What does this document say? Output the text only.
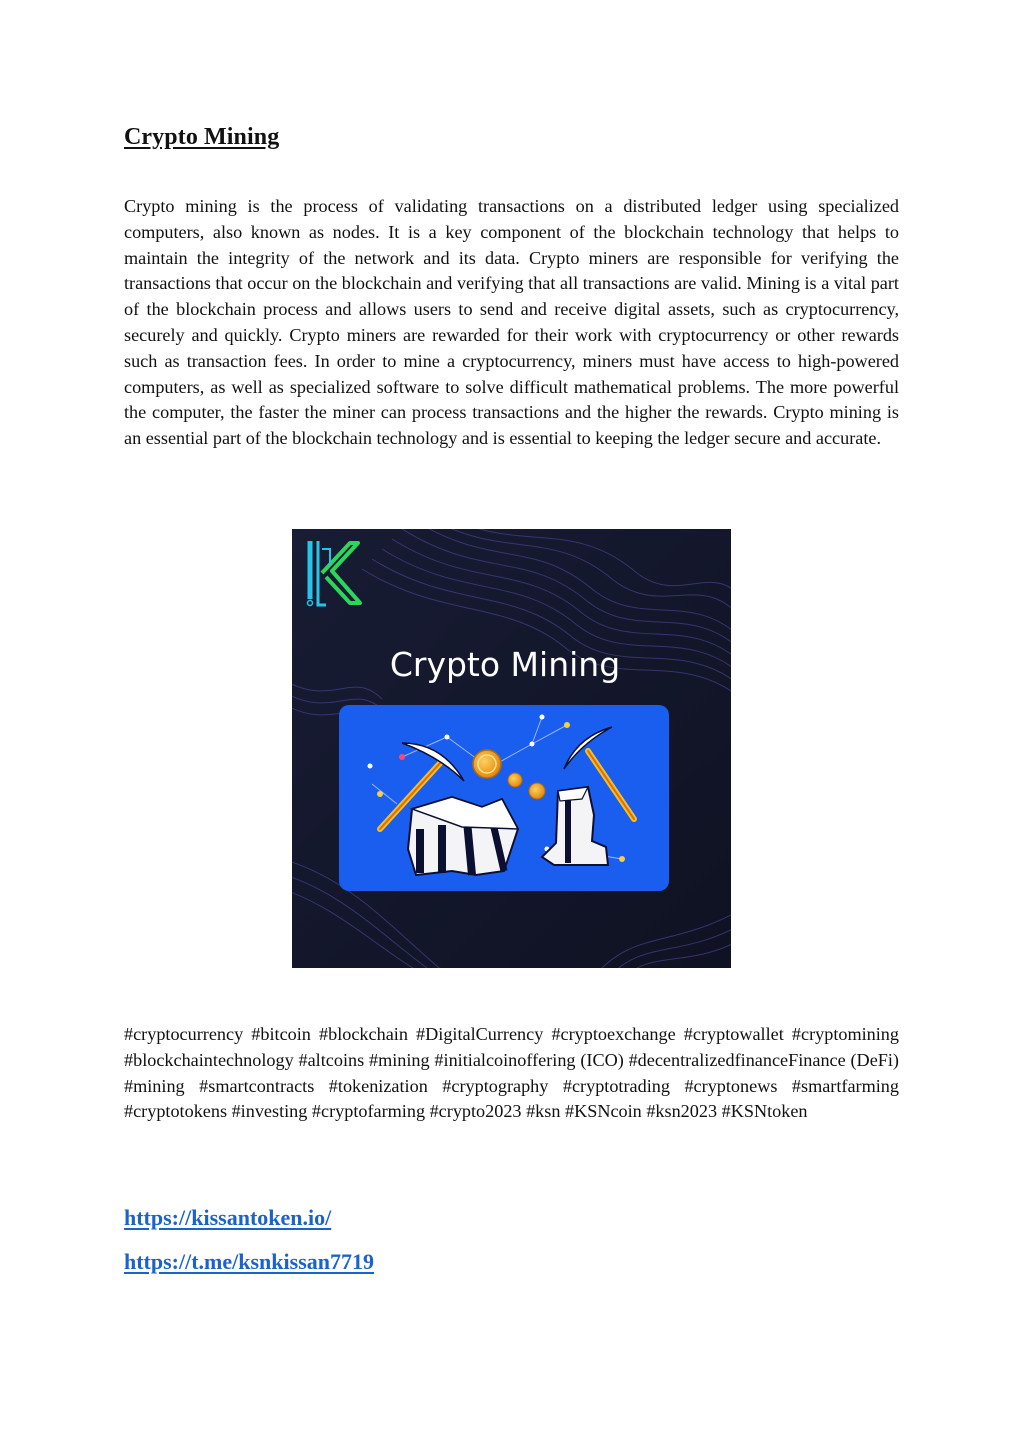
Crypto Mining

Crypto mining is the process of validating transactions on a distributed ledger using specialized computers, also known as nodes. It is a key component of the blockchain technology that helps to maintain the integrity of the network and its data. Crypto miners are responsible for verifying the transactions that occur on the blockchain and verifying that all transactions are valid. Mining is a vital part of the blockchain process and allows users to send and receive digital assets, such as cryptocurrency, securely and quickly. Crypto miners are rewarded for their work with cryptocurrency or other rewards such as transaction fees. In order to mine a cryptocurrency, miners must have access to high-powered computers, as well as specialized software to solve difficult mathematical problems. The more powerful the computer, the faster the miner can process transactions and the higher the rewards. Crypto mining is an essential part of the blockchain technology and is essential to keeping the ledger secure and accurate.

Crypto Mining

#cryptocurrency #bitcoin #blockchain #DigitalCurrency #cryptoexchange #cryptowallet #cryptomining #blockchaintechnology #altcoins #mining #initialcoinoffering (ICO) #decentralizedfinanceFinance (DeFi) #mining #smartcontracts #tokenization #cryptography #cryptotrading #cryptonews #smartfarming #cryptotokens #investing #cryptofarming #crypto2023 #ksn #KSNcoin #ksn2023 #KSNtoken

https://kissantoken.io/
https://t.me/ksnkissan7719
